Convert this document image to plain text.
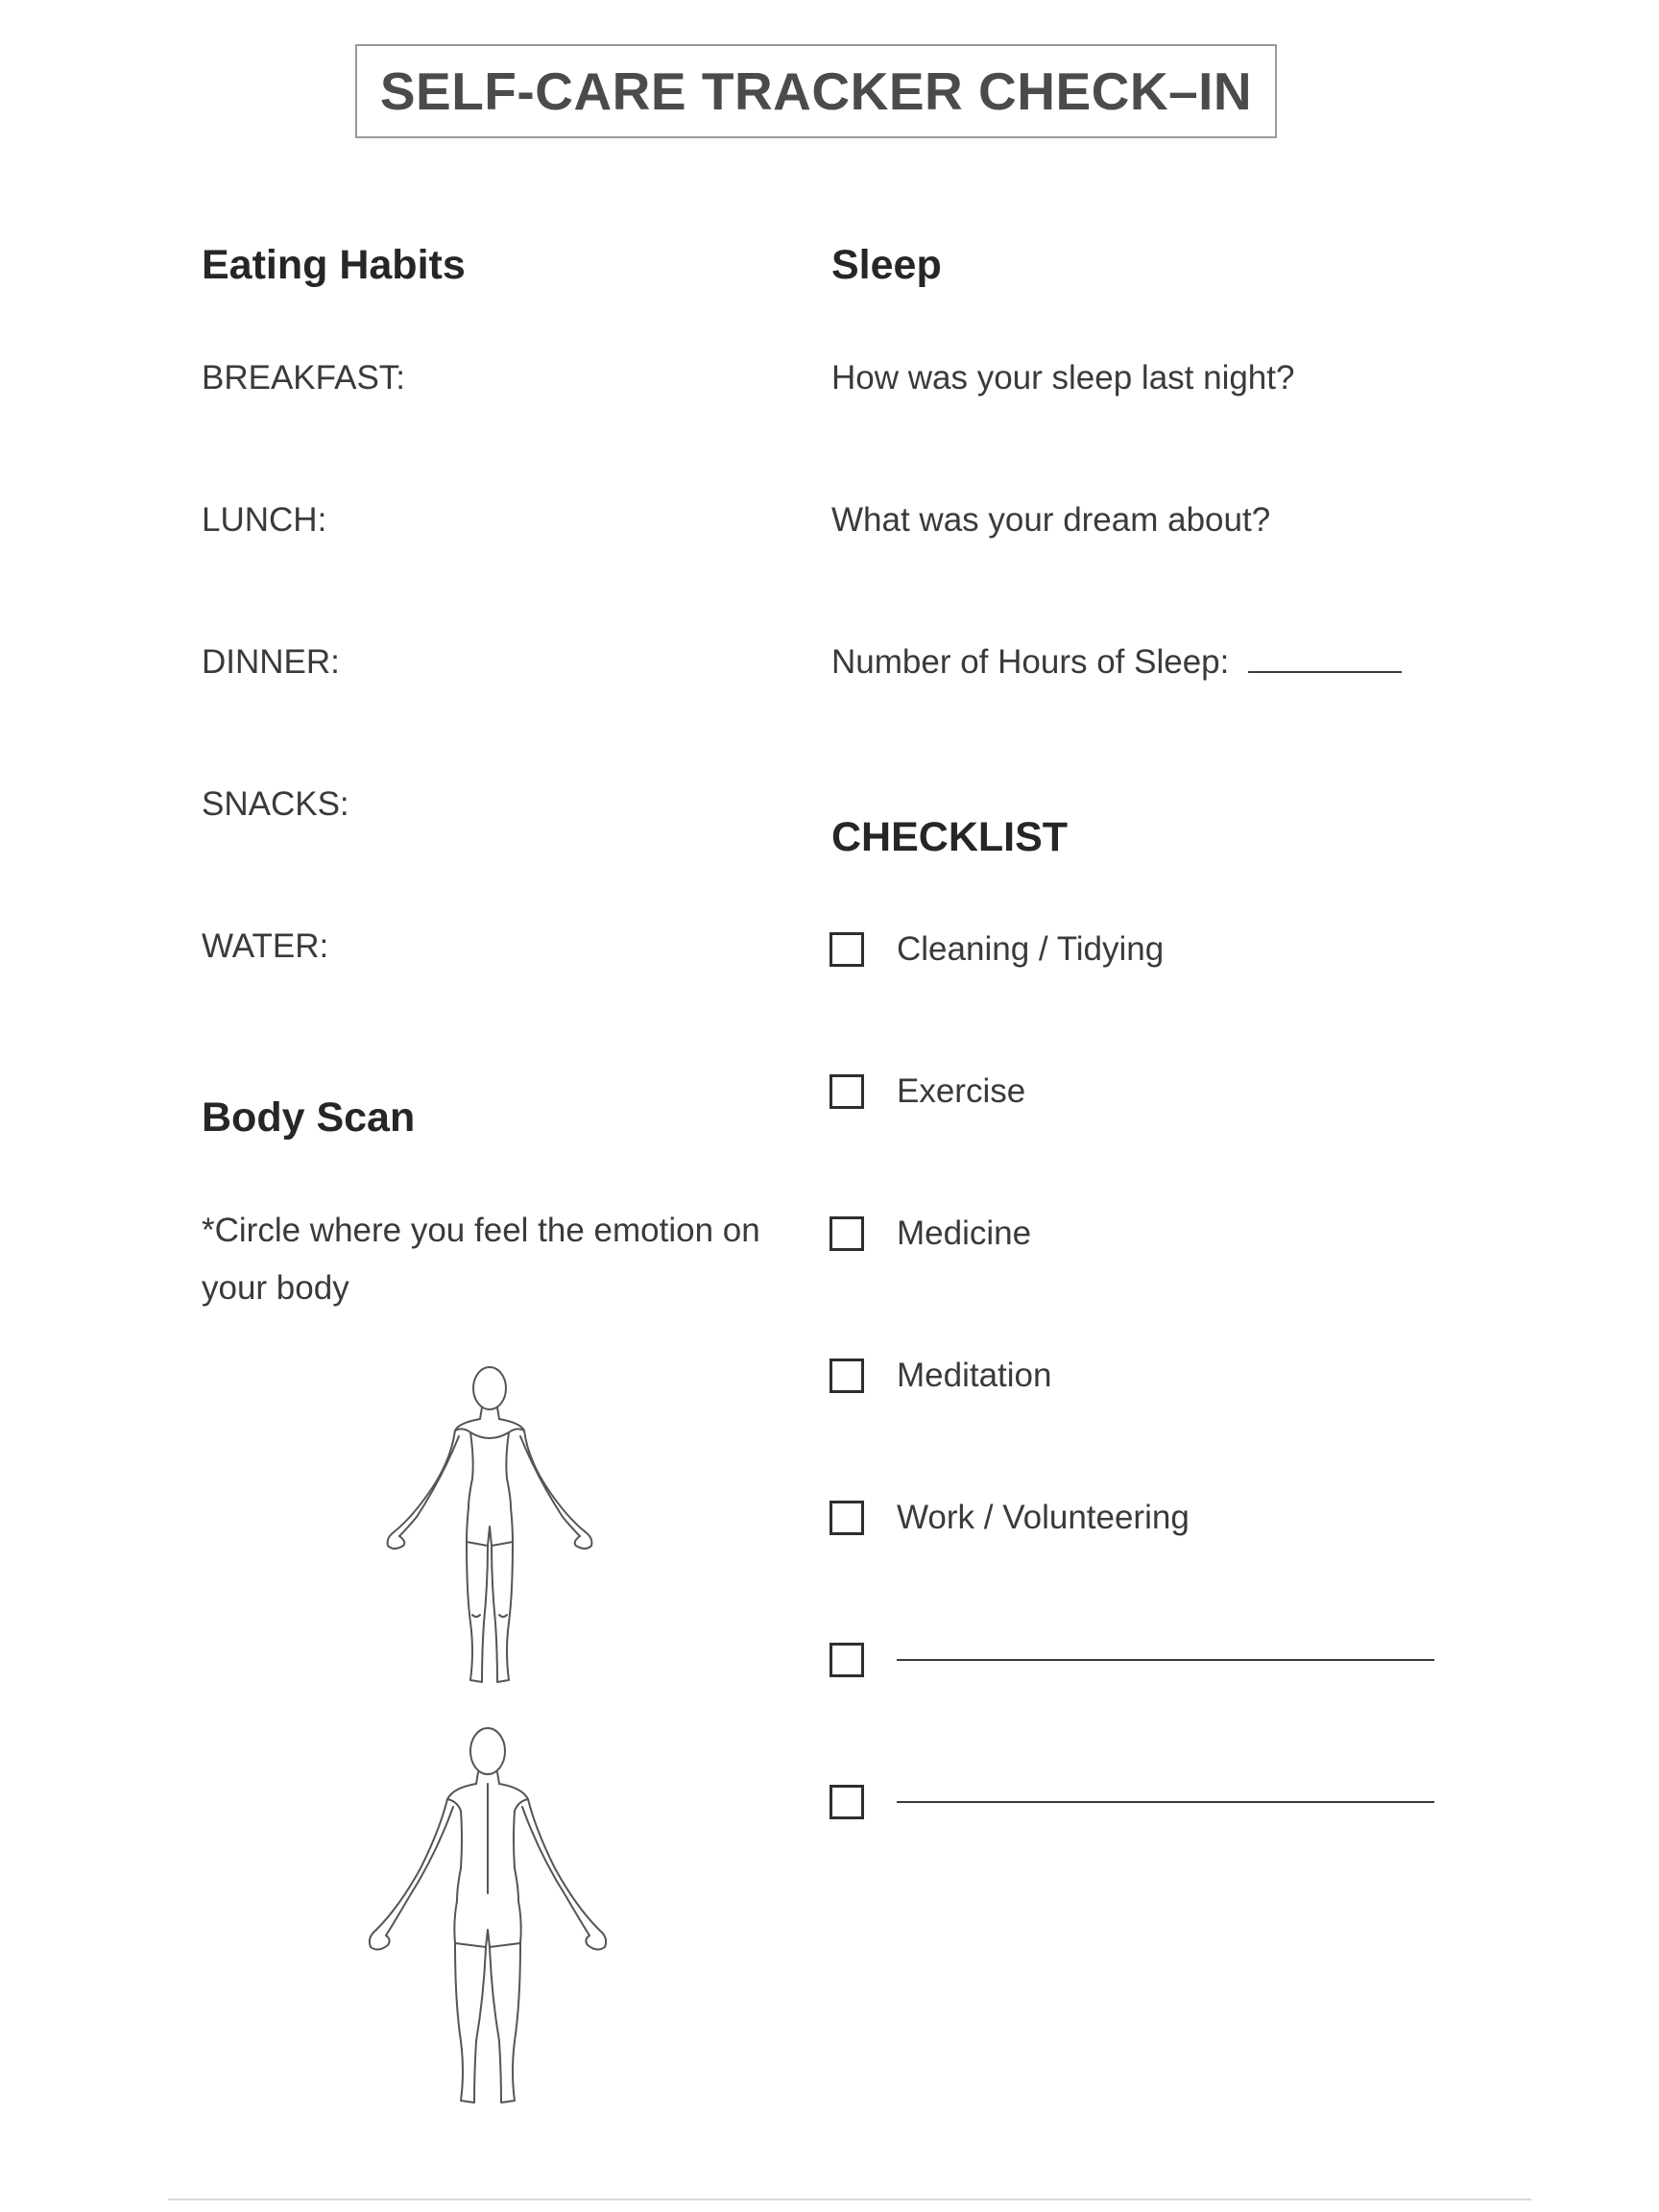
SELF-CARE TRACKER CHECK–IN
Eating Habits
BREAKFAST:
LUNCH:
DINNER:
SNACKS:
WATER:
Body Scan
*Circle where you feel the emotion on your body
Sleep
How was your sleep last night?
What was your dream about?
Number of Hours of Sleep:
CHECKLIST
Cleaning / Tidying
Exercise
Medicine
Meditation
Work / Volunteering
